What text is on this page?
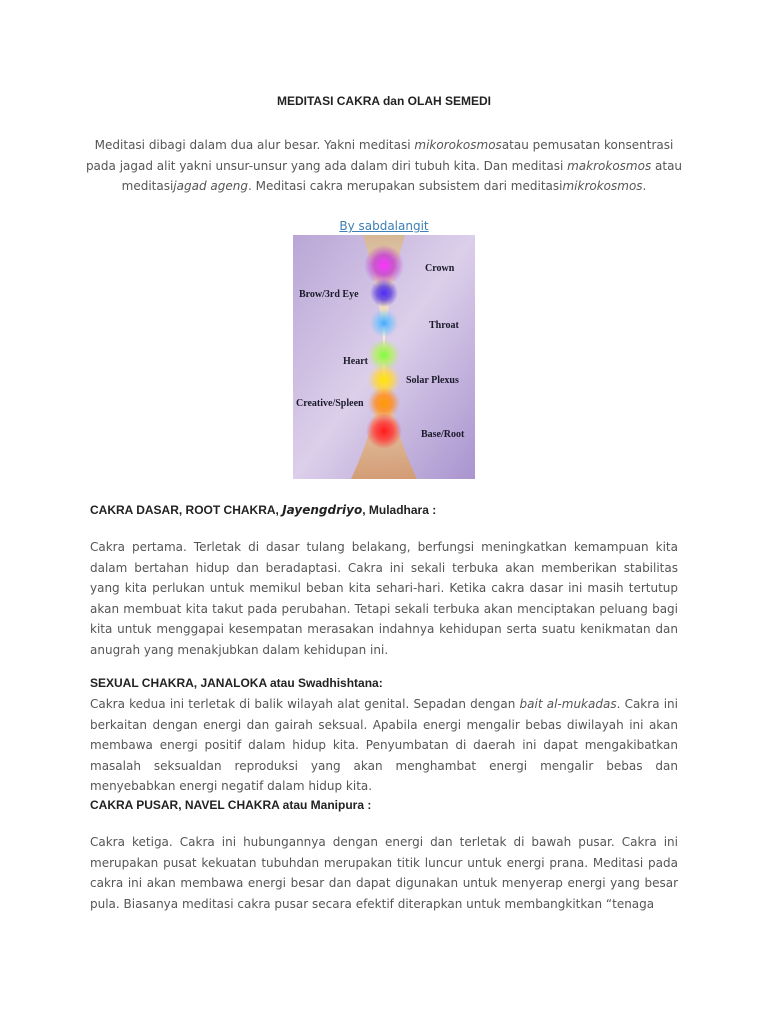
MEDITASI CAKRA dan OLAH SEMEDI
Meditasi dibagi dalam dua alur besar. Yakni meditasi mikorokosmosatau pemusatan konsentrasi pada jagad alit yakni unsur-unsur yang ada dalam diri tubuh kita. Dan meditasi makrokosmos atau meditasijagad ageng. Meditasi cakra merupakan subsistem dari meditasimikrokosmos.
By sabdalangit
Crown
Brow/3rd Eye
Throat
Heart
Solar Plexus
Creative/Spleen
Base/Root
CAKRA DASAR, ROOT CHAKRA, Jayengdriyo, Muladhara :
Cakra pertama. Terletak di dasar tulang belakang, berfungsi meningkatkan kemampuan kita dalam bertahan hidup dan beradaptasi. Cakra ini sekali terbuka akan memberikan stabilitas yang kita perlukan untuk memikul beban kita sehari-hari. Ketika cakra dasar ini masih tertutup akan membuat kita takut pada perubahan. Tetapi sekali terbuka akan menciptakan peluang bagi kita untuk menggapai kesempatan merasakan indahnya kehidupan serta suatu kenikmatan dan anugrah yang menakjubkan dalam kehidupan ini.
SEXUAL CHAKRA, JANALOKA atau Swadhishtana:
Cakra kedua ini terletak di balik wilayah alat genital. Sepadan dengan bait al-mukadas. Cakra ini berkaitan dengan energi dan gairah seksual. Apabila energi mengalir bebas diwilayah ini akan membawa energi positif dalam hidup kita. Penyumbatan di daerah ini dapat mengakibatkan masalah seksualdan reproduksi yang akan menghambat energi mengalir bebas dan menyebabkan energi negatif dalam hidup kita.
CAKRA PUSAR, NAVEL CHAKRA atau Manipura :
Cakra ketiga. Cakra ini hubungannya dengan energi dan terletak di bawah pusar. Cakra ini merupakan pusat kekuatan tubuhdan merupakan titik luncur untuk energi prana. Meditasi pada cakra ini akan membawa energi besar dan dapat digunakan untuk menyerap energi yang besar pula. Biasanya meditasi cakra pusar secara efektif diterapkan untuk membangkitkan “tenaga
